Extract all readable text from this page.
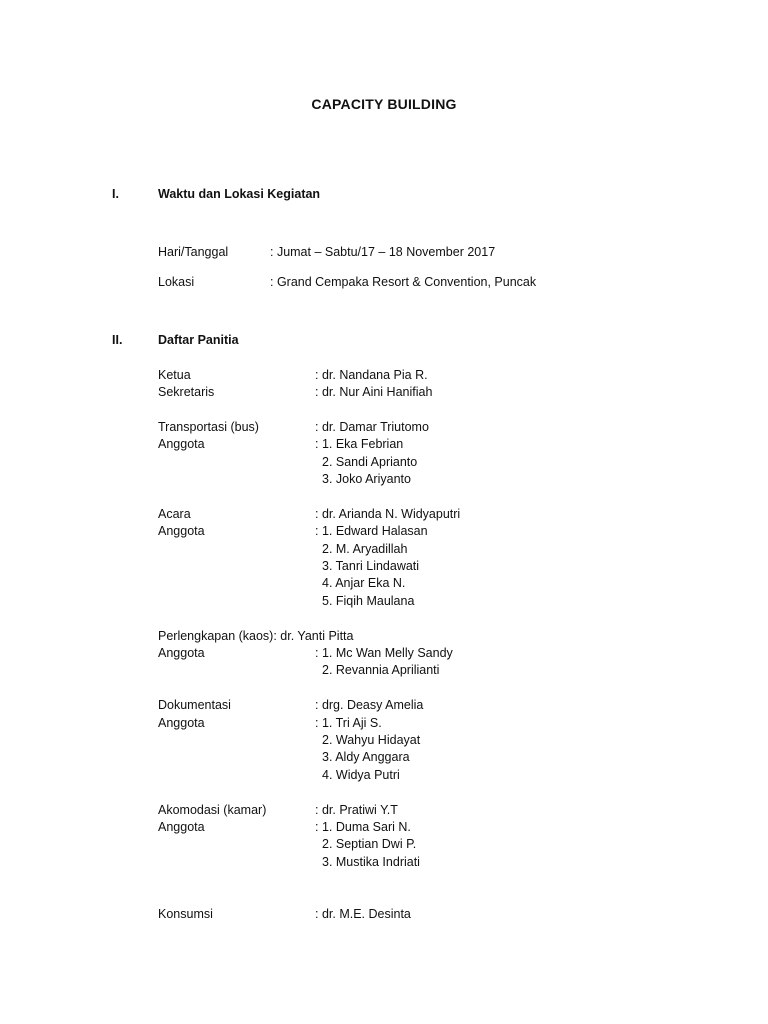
CAPACITY BUILDING
I.	Waktu dan Lokasi Kegiatan
Hari/Tanggal	: Jumat – Sabtu/17 – 18 November 2017
Lokasi	: Grand Cempaka Resort & Convention, Puncak
II.	Daftar Panitia
Ketua	: dr. Nandana Pia R.
Sekretaris	: dr. Nur Aini Hanifiah
Transportasi (bus)	: dr. Damar Triutomo
Anggota	: 1. Eka Febrian
2. Sandi Aprianto
3. Joko Ariyanto
Acara	: dr. Arianda N. Widyaputri
Anggota	: 1. Edward Halasan
2. M. Aryadillah
3. Tanri Lindawati
4. Anjar Eka N.
5. Fiqih Maulana
Perlengkapan (kaos): dr. Yanti Pitta
Anggota	: 1. Mc Wan Melly Sandy
2. Revannia Aprilianti
Dokumentasi	: drg. Deasy Amelia
Anggota	: 1. Tri Aji S.
2. Wahyu Hidayat
3. Aldy Anggara
4. Widya Putri
Akomodasi (kamar)	: dr. Pratiwi Y.T
Anggota	: 1. Duma Sari N.
2. Septian Dwi P.
3. Mustika Indriati
Konsumsi	: dr. M.E. Desinta
